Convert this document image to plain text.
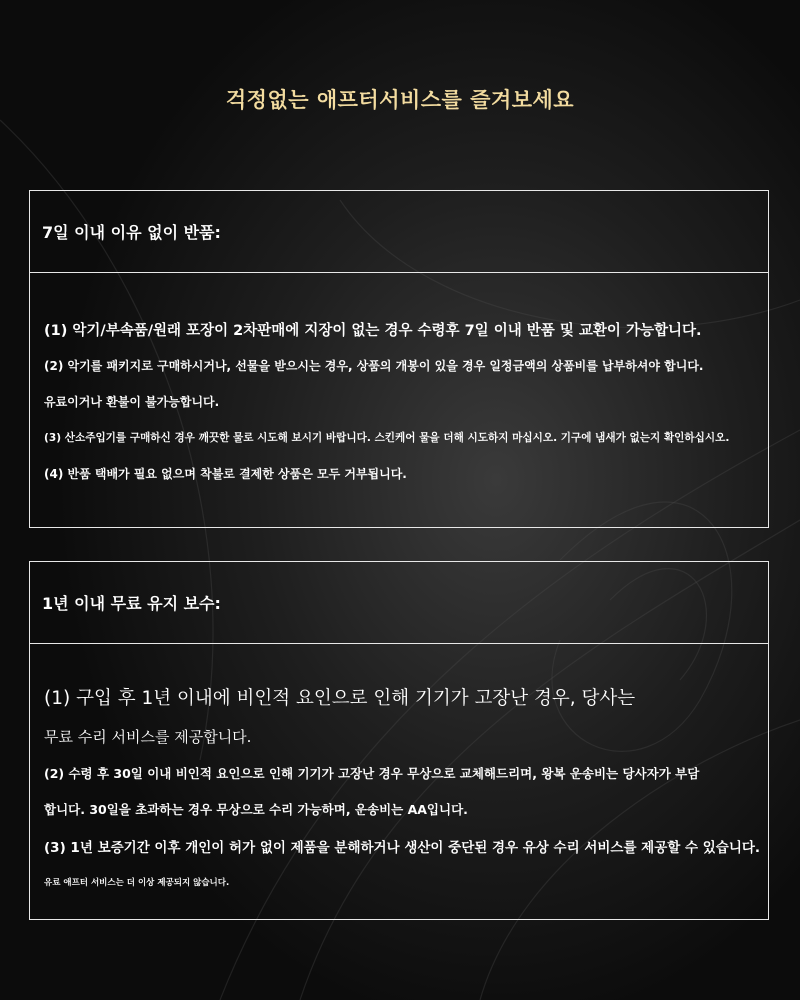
걱정없는 애프터서비스를 즐겨보세요
7일 이내 이유 없이 반품:
(1) 악기/부속품/원래 포장이 2차판매에 지장이 없는 경우 수령후 7일 이내 반품 및 교환이 가능합니다.
(2) 악기를 패키지로 구매하시거나, 선물을 받으시는 경우, 상품의 개봉이 있을 경우 일정금액의 상품비를 납부하셔야 합니다.
유료이거나 환불이 불가능합니다.
(3) 산소주입기를 구매하신 경우 깨끗한 물로 시도해 보시기 바랍니다. 스킨케어 물을 더해 시도하지 마십시오. 기구에 냄새가 없는지 확인하십시오.
(4) 반품 택배가 필요 없으며 착불로 결제한 상품은 모두 거부됩니다.
1년 이내 무료 유지 보수:
(1) 구입 후 1년 이내에 비인적 요인으로 인해 기기가 고장난 경우, 당사는
무료 수리 서비스를 제공합니다.
(2) 수령 후 30일 이내 비인적 요인으로 인해 기기가 고장난 경우 무상으로 교체해드리며, 왕복 운송비는 당사자가 부담
합니다. 30일을 초과하는 경우 무상으로 수리 가능하며, 운송비는 AA입니다.
(3) 1년 보증기간 이후 개인이 허가 없이 제품을 분해하거나 생산이 중단된 경우 유상 수리 서비스를 제공할 수 있습니다.
유료 애프터 서비스는 더 이상 제공되지 않습니다.
